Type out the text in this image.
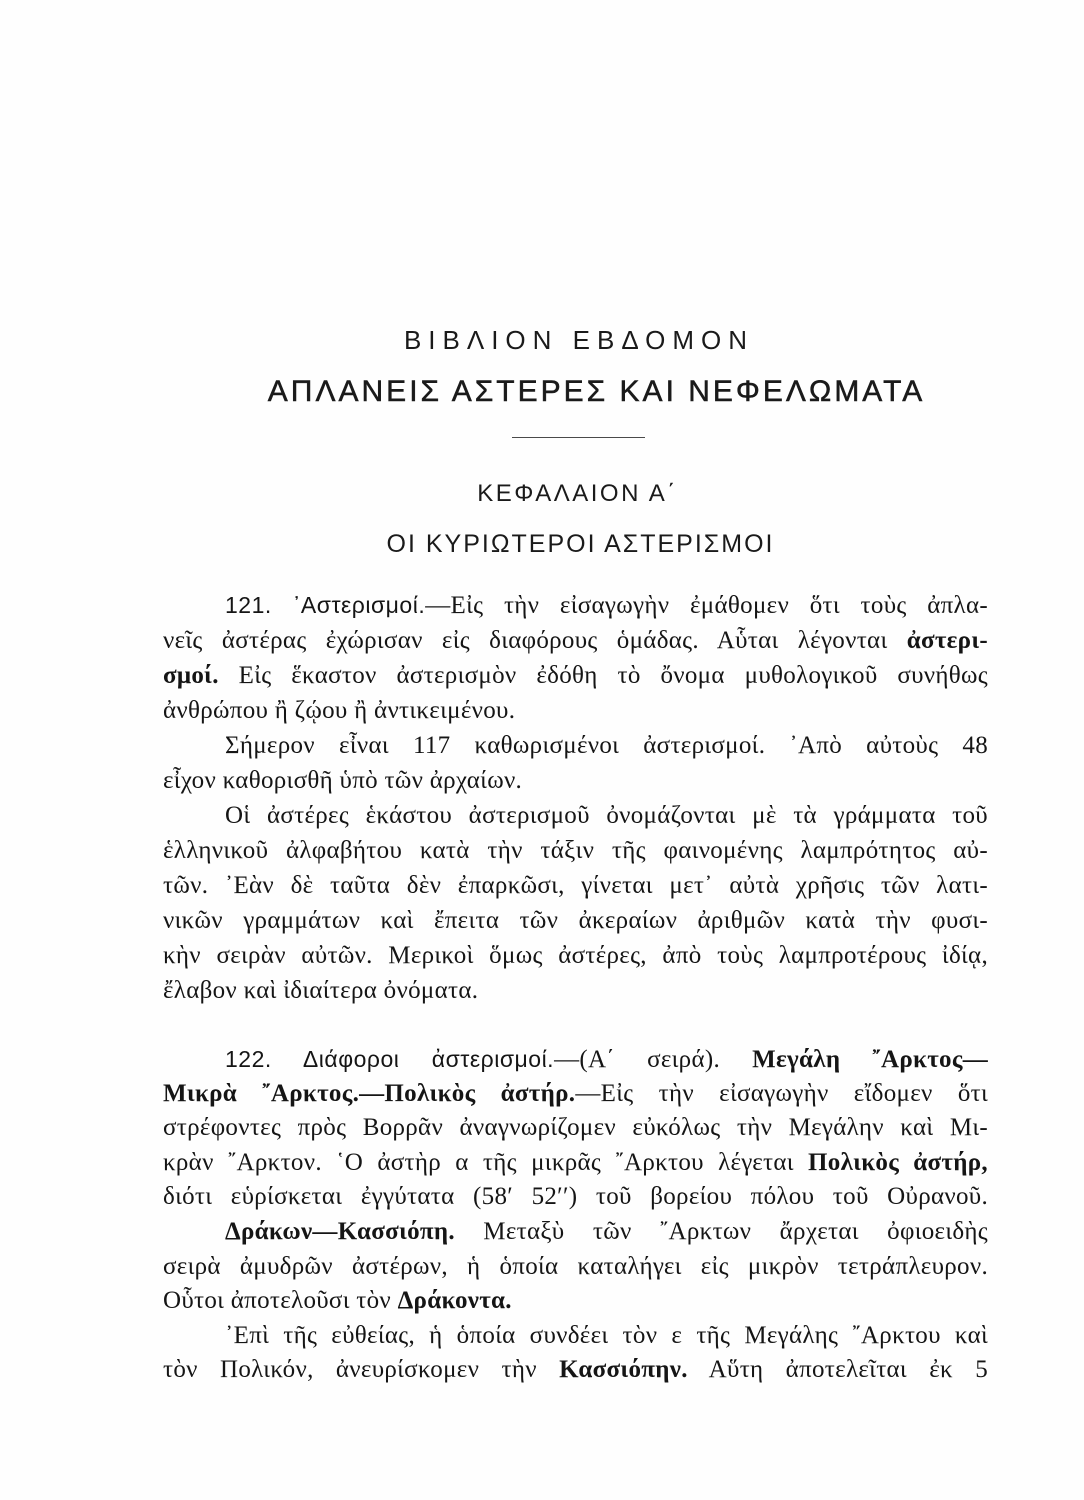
ΒΙΒΛΙΟΝ ΕΒΔΟΜΟΝ
ΑΠΛΑΝΕΙΣ ΑΣΤΕΡΕΣ ΚΑΙ ΝΕΦΕΛΩΜΑΤΑ
ΚΕΦΑΛΑΙΟΝ Α΄
ΟΙ ΚΥΡΙΩΤΕΡΟΙ ΑΣΤΕΡΙΣΜΟΙ
121. ᾿Αστερισμοί.—Εἰς τὴν εἰσαγωγὴν ἐμάθομεν ὅτι τοὺς ἀπλα-
νεῖς ἀστέρας ἐχώρισαν εἰς διαφόρους ὁμάδας. Αὗται λέγονται ἀστερι-
σμοί. Εἰς ἕκαστον ἀστερισμὸν ἐδόθη τὸ ὄνομα μυθολογικοῦ συνήθως
ἀνθρώπου ἢ ζῴου ἢ ἀντικειμένου.
Σήμερον εἶναι 117 καθωρισμένοι ἀστερισμοί. ᾿Απὸ αὐτοὺς 48
εἶχον καθορισθῆ ὑπὸ τῶν ἀρχαίων.
Οἱ ἀστέρες ἑκάστου ἀστερισμοῦ ὀνομάζονται μὲ τὰ γράμματα τοῦ
ἑλληνικοῦ ἀλφαβήτου κατὰ τὴν τάξιν τῆς φαινομένης λαμπρότητος αὐ-
τῶν. ᾿Εὰν δὲ ταῦτα δὲν ἐπαρκῶσι, γίνεται μετ᾿ αὐτὰ χρῆσις τῶν λατι-
νικῶν γραμμάτων καὶ ἔπειτα τῶν ἀκεραίων ἀριθμῶν κατὰ τὴν φυσι-
κὴν σειρὰν αὐτῶν. Μερικοὶ ὅμως ἀστέρες, ἀπὸ τοὺς λαμπροτέρους ἰδίᾳ,
ἔλαβον καὶ ἰδιαίτερα ὀνόματα.
122. Διάφοροι ἀστερισμοί.—(Α΄ σειρά). Μεγάλη ῎Αρκτος—
Μικρὰ ῎Αρκτος.—Πολικὸς ἀστήρ.—Εἰς τὴν εἰσαγωγὴν εἴδομεν ὅτι
στρέφοντες πρὸς Βορρᾶν ἀναγνωρίζομεν εὐκόλως τὴν Μεγάλην καὶ Μι-
κρὰν ῎Αρκτον. ῾Ο ἀστὴρ α τῆς μικρᾶς ῎Αρκτου λέγεται Πολικὸς ἀστήρ,
διότι εὑρίσκεται ἐγγύτατα (58′ 52′′) τοῦ βορείου πόλου τοῦ Οὐρανοῦ.
Δράκων—Κασσιόπη. Μεταξὺ τῶν ῎Αρκτων ἄρχεται ὀφιοειδὴς
σειρὰ ἀμυδρῶν ἀστέρων, ἡ ὁποία καταλήγει εἰς μικρὸν τετράπλευρον.
Οὗτοι ἀποτελοῦσι τὸν Δράκοντα.
᾿Επὶ τῆς εὐθείας, ἡ ὁποία συνδέει τὸν ε τῆς Μεγάλης ῎Αρκτου καὶ
τὸν Πολικόν, ἀνευρίσκομεν τὴν Κασσιόπην. Αὕτη ἀποτελεῖται ἐκ 5
